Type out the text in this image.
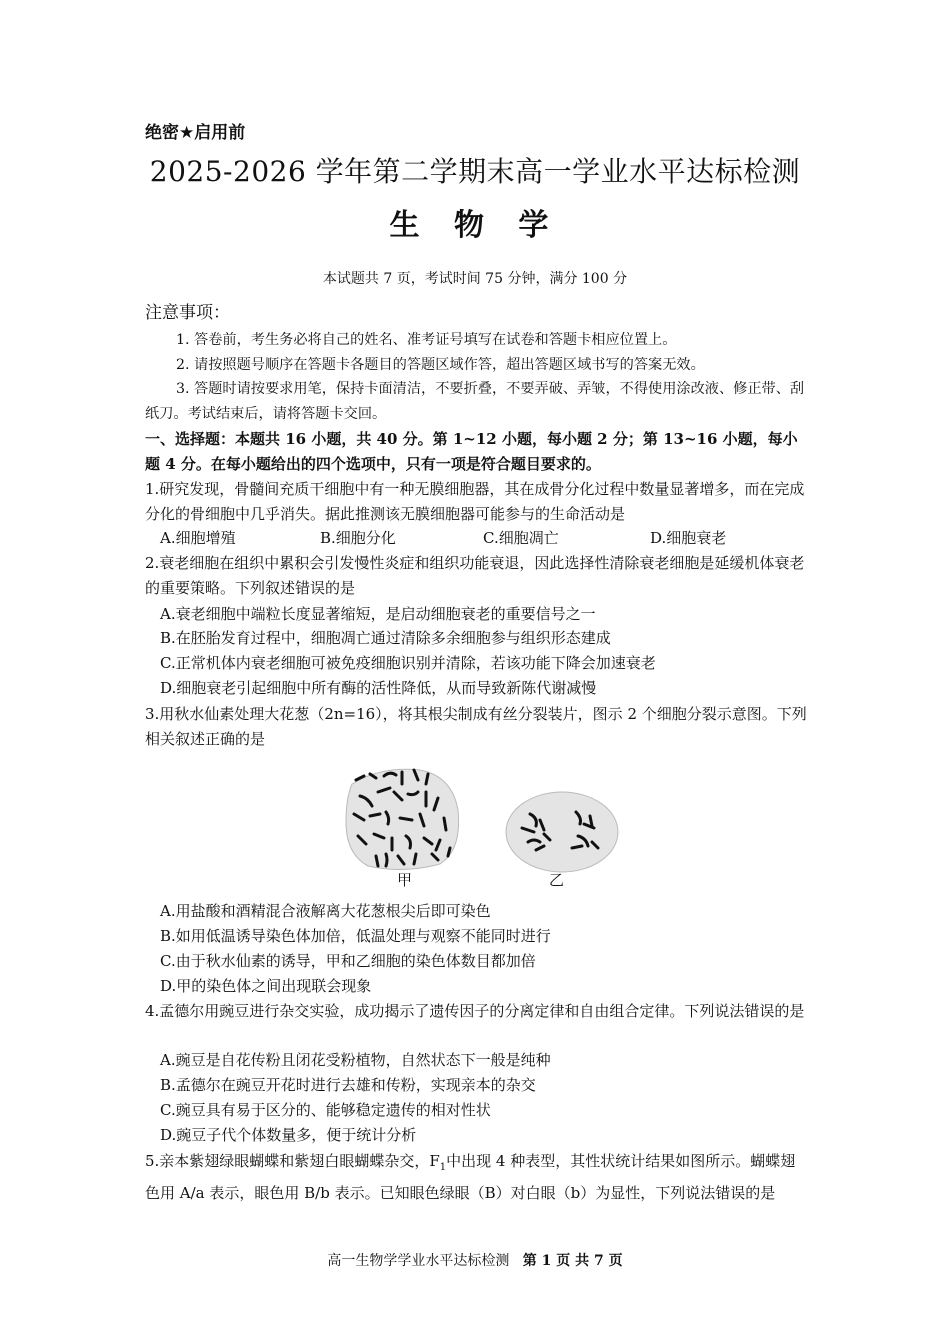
绝密★启用前
2025-2026 学年第二学期末高一学业水平达标检测
生 物 学
本试题共 7 页，考试时间 75 分钟，满分 100 分
注意事项：
1. 答卷前，考生务必将自己的姓名、准考证号填写在试卷和答题卡相应位置上。
2. 请按照题号顺序在答题卡各题目的答题区域作答，超出答题区域书写的答案无效。
3. 答题时请按要求用笔，保持卡面清洁，不要折叠，不要弄破、弄皱，不得使用涂改液、修正带、刮纸刀。考试结束后，请将答题卡交回。
一、选择题：本题共 16 小题，共 40 分。第 1~12 小题，每小题 2 分；第 13~16 小题，每小题 4 分。在每小题给出的四个选项中，只有一项是符合题目要求的。
1.研究发现，骨髓间充质干细胞中有一种无膜细胞器，其在成骨分化过程中数量显著增多，而在完成分化的骨细胞中几乎消失。据此推测该无膜细胞器可能参与的生命活动是
A.细胞增殖	B.细胞分化	C.细胞凋亡	D.细胞衰老
2.衰老细胞在组织中累积会引发慢性炎症和组织功能衰退，因此选择性清除衰老细胞是延缓机体衰老的重要策略。下列叙述错误的是
A.衰老细胞中端粒长度显著缩短，是启动细胞衰老的重要信号之一
B.在胚胎发育过程中，细胞凋亡通过清除多余细胞参与组织形态建成
C.正常机体内衰老细胞可被免疫细胞识别并清除，若该功能下降会加速衰老
D.细胞衰老引起细胞中所有酶的活性降低，从而导致新陈代谢减慢
3.用秋水仙素处理大花葱（2n=16），将其根尖制成有丝分裂装片，图示 2 个细胞分裂示意图。下列相关叙述正确的是
甲	乙
A.用盐酸和酒精混合液解离大花葱根尖后即可染色
B.如用低温诱导染色体加倍，低温处理与观察不能同时进行
C.由于秋水仙素的诱导，甲和乙细胞的染色体数目都加倍
D.甲的染色体之间出现联会现象
4.孟德尔用豌豆进行杂交实验，成功揭示了遗传因子的分离定律和自由组合定律。下列说法错误的是
A.豌豆是自花传粉且闭花受粉植物，自然状态下一般是纯种
B.孟德尔在豌豆开花时进行去雄和传粉，实现亲本的杂交
C.豌豆具有易于区分的、能够稳定遗传的相对性状
D.豌豆子代个体数量多，便于统计分析
5.亲本紫翅绿眼蝴蝶和紫翅白眼蝴蝶杂交，$F_1$中出现 4 种表型，其性状统计结果如图所示。蝴蝶翅色用 A/a 表示，眼色用 B/b 表示。已知眼色绿眼（B）对白眼（b）为显性，下列说法错误的是
高一生物学学业水平达标检测 第 1 页 共 7 页
